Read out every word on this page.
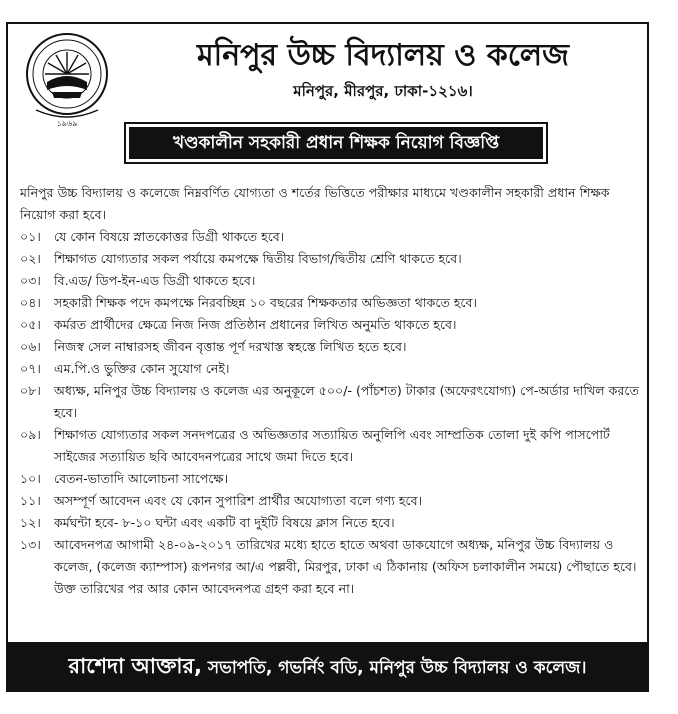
১৯৬৯
মনিপুর উচ্চ বিদ্যালয় ও কলেজ
মনিপুর, মীরপুর, ঢাকা-১২১৬।
খণ্ডকালীন সহকারী প্রধান শিক্ষক নিয়োগ বিজ্ঞপ্তি

মনিপুর উচ্চ বিদ্যালয় ও কলেজে নিম্নবর্ণিত যোগ্যতা ও শর্তের ভিত্তিতে পরীক্ষার মাধ্যমে খণ্ডকালীন সহকারী প্রধান শিক্ষক নিয়োগ করা হবে।

০১।	যে কোন বিষয়ে স্নাতকোত্তর ডিগ্রী থাকতে হবে।
০২।	শিক্ষাগত যোগ্যতার সকল পর্যায়ে কমপক্ষে দ্বিতীয় বিভাগ/দ্বিতীয় শ্রেণি থাকতে হবে।
০৩।	বি.এড/ ডিপ-ইন-এড ডিগ্রী থাকতে হবে।
০৪।	সহকারী শিক্ষক পদে কমপক্ষে নিরবচ্ছিন্ন ১০ বছরের শিক্ষকতার অভিজ্ঞতা থাকতে হবে।
০৫।	কর্মরত প্রার্থীদের ক্ষেত্রে নিজ নিজ প্রতিষ্ঠান প্রধানের লিখিত অনুমতি থাকতে হবে।
০৬।	নিজস্ব সেল নাম্বারসহ জীবন বৃত্তান্ত পূর্ণ দরখাস্ত স্বহস্তে লিখিত হতে হবে।
০৭।	এম.পি.ও ভুক্তির কোন সুযোগ নেই।
০৮।	অধ্যক্ষ, মনিপুর উচ্চ বিদ্যালয় ও কলেজ এর অনুকূলে ৫০০/- (পাঁচশত) টাকার (অফেরৎযোগ্য) পে-অর্ডার দাখিল করতে হবে।
০৯।	শিক্ষাগত যোগ্যতার সকল সনদপত্রের ও অভিজ্ঞতার সত্যায়িত অনুলিপি এবং সাম্প্রতিক তোলা দুই কপি পাসপোর্ট সাইজের সত্যায়িত ছবি আবেদনপত্রের সাথে জমা দিতে হবে।
১০।	বেতন-ভাতাদি আলোচনা সাপেক্ষে।
১১।	অসম্পূর্ণ আবেদন এবং যে কোন সুপারিশ প্রার্থীর অযোগ্যতা বলে গণ্য হবে।
১২।	কর্মঘন্টা হবে- ৮-১০ ঘন্টা এবং একটি বা দুইটি বিষয়ে ক্লাস নিতে হবে।
১৩।	আবেদনপত্র আগামী ২৪-০৯-২০১৭ তারিখের মধ্যে হাতে হাতে অথবা ডাকযোগে অধ্যক্ষ, মনিপুর উচ্চ বিদ্যালয় ও কলেজ, (কলেজ ক্যাম্পাস) রূপনগর আ/এ পল্লবী, মিরপুর, ঢাকা এ ঠিকানায় (অফিস চলাকালীন সময়ে) পৌছাতে হবে। উক্ত তারিখের পর আর কোন আবেদনপত্র গ্রহণ করা হবে না।
রাশেদা আক্তার, সভাপতি, গভর্নিং বডি, মনিপুর উচ্চ বিদ্যালয় ও কলেজ।
